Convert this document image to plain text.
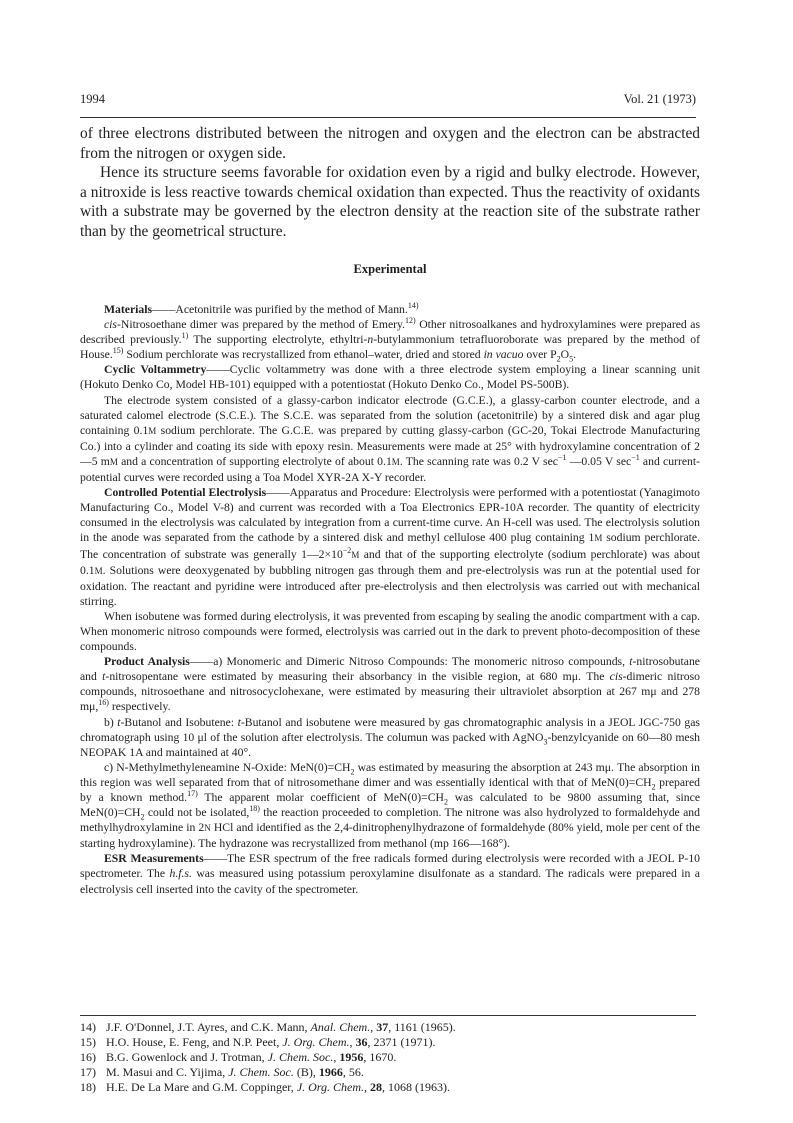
1994	Vol. 21 (1973)

of three electrons distributed between the nitrogen and oxygen and the electron can be abstracted from the nitrogen or oxygen side.

Hence its structure seems favorable for oxidation even by a rigid and bulky electrode. However, a nitroxide is less reactive towards chemical oxidation than expected. Thus the reactivity of oxidants with a substrate may be governed by the electron density at the reaction site of the substrate rather than by the geometrical structure.

Experimental

Materials——Acetonitrile was purified by the method of Mann.$^{14)}$

cis-Nitrosoethane dimer was prepared by the method of Emery.$^{12)}$ Other nitrosoalkanes and hydroxylamines were prepared as described previously.$^{1)}$ The supporting electrolyte, ethyltri-n-butylammonium tetrafluoroborate was prepared by the method of House.$^{15)}$ Sodium perchlorate was recrystallized from ethanol–water, dried and stored in vacuo over $P_2O_5$.

Cyclic Voltammetry——Cyclic voltammetry was done with a three electrode system employing a linear scanning unit (Hokuto Denko Co, Model HB-101) equipped with a potentiostat (Hokuto Denko Co., Model PS-500B).

The electrode system consisted of a glassy-carbon indicator electrode (G.C.E.), a glassy-carbon counter electrode, and a saturated calomel electrode (S.C.E.). The S.C.E. was separated from the solution (acetonitrile) by a sintered disk and agar plug containing 0.1M sodium perchlorate. The G.C.E. was prepared by cutting glassy-carbon (GC-20, Tokai Electrode Manufacturing Co.) into a cylinder and coating its side with epoxy resin. Measurements were made at 25° with hydroxylamine concentration of 2—5 mM and a concentration of supporting electrolyte of about 0.1M. The scanning rate was 0.2 V $\sec^{-1}$ —0.05 V $\sec^{-1}$ and current-potential curves were recorded using a Toa Model XYR-2A X-Y recorder.

Controlled Potential Electrolysis——Apparatus and Procedure: Electrolysis were performed with a potentiostat (Yanagimoto Manufacturing Co., Model V-8) and current was recorded with a Toa Electronics EPR-10A recorder. The quantity of electricity consumed in the electrolysis was calculated by integration from a current-time curve. An H-cell was used. The electrolysis solution in the anode was separated from the cathode by a sintered disk and methyl cellulose 400 plug containing 1M sodium perchlorate. The concentration of substrate was generally $1—2\times 10^{-2}M$ and that of the supporting electrolyte (sodium perchlorate) was about 0.1M. Solutions were deoxygenated by bubbling nitrogen gas through them and pre-electrolysis was run at the potential used for oxidation. The reactant and pyridine were introduced after pre-electrolysis and then electrolysis was carried out with mechanical stirring.

When isobutene was formed during electrolysis, it was prevented from escaping by sealing the anodic compartment with a cap. When monomeric nitroso compounds were formed, electrolysis was carried out in the dark to prevent photo-decomposition of these compounds.

Product Analysis——a) Monomeric and Dimeric Nitroso Compounds: The monomeric nitroso compounds, t-nitrosobutane and t-nitrosopentane were estimated by measuring their absorbancy in the visible region, at 680 mμ. The cis-dimeric nitroso compounds, nitrosoethane and nitrosocyclohexane, were estimated by measuring their ultraviolet absorption at 267 mμ and 278 mμ,$^{16)}$ respectively.

b) t-Butanol and Isobutene: t-Butanol and isobutene were measured by gas chromatographic analysis in a JEOL JGC-750 gas chromatograph using 10 μl of the solution after electrolysis. The columun was packed with AgNO$_3$-benzylcyanide on 60—80 mesh NEOPAK 1A and maintained at 40°.

c) N-Methylmethyleneamine N-Oxide: $MeN(0)=CH_2$ was estimated by measuring the absorption at 243 mμ. The absorption in this region was well separated from that of nitrosomethane dimer and was essentially identical with that of $MeN(0)=CH_2$ prepared by a known method.$^{17)}$ The apparent molar coefficient of $MeN(0)=CH_2$ was calculated to be 9800 assuming that, since $MeN(0)=CH_2$ could not be isolated,$^{18)}$ the reaction proceeded to completion. The nitrone was also hydrolyzed to formaldehyde and methylhydroxylamine in 2N HCl and identified as the 2,4-dinitrophenylhydrazone of formaldehyde (80% yield, mole per cent of the starting hydroxylamine). The hydrazone was recrystallized from methanol (mp 166—168°).

ESR Measurements——The ESR spectrum of the free radicals formed during electrolysis were recorded with a JEOL P-10 spectrometer. The h.f.s. was measured using potassium peroxylamine disulfonate as a standard. The radicals were prepared in a electrolysis cell inserted into the cavity of the spectrometer.

14) J.F. O'Donnel, J.T. Ayres, and C.K. Mann, Anal. Chem., 37, 1161 (1965).
15) H.O. House, E. Feng, and N.P. Peet, J. Org. Chem., 36, 2371 (1971).
16) B.G. Gowenlock and J. Trotman, J. Chem. Soc., 1956, 1670.
17) M. Masui and C. Yijima, J. Chem. Soc. (B), 1966, 56.
18) H.E. De La Mare and G.M. Coppinger, J. Org. Chem., 28, 1068 (1963).
